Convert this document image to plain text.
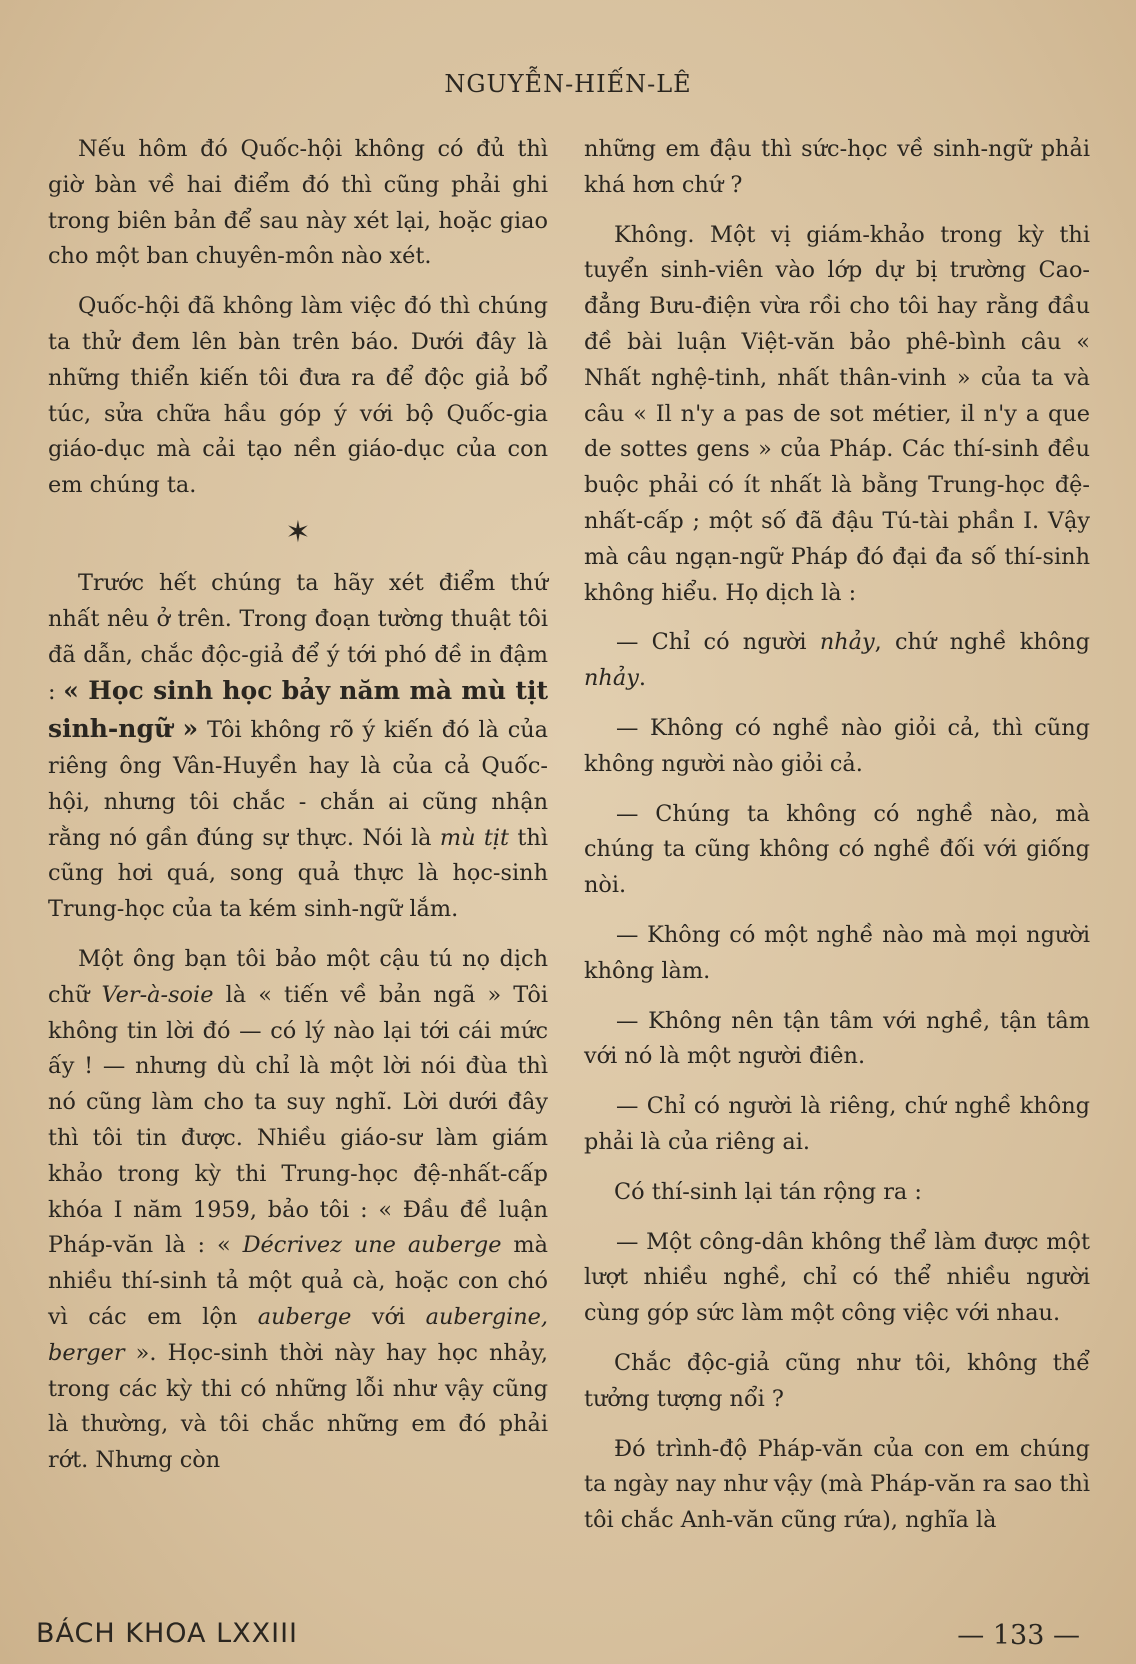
NGUYỄN-HIẾN-LÊ

Nếu hôm đó Quốc-hội không có đủ thì giờ bàn về hai điểm đó thì cũng phải ghi trong biên bản để sau này xét lại, hoặc giao cho một ban chuyên-môn nào xét.

Quốc-hội đã không làm việc đó thì chúng ta thử đem lên bàn trên báo. Dưới đây là những thiển kiến tôi đưa ra để độc giả bổ túc, sửa chữa hầu góp ý với bộ Quốc-gia giáo-dục mà cải tạo nền giáo-dục của con em chúng ta.

✶

Trước hết chúng ta hãy xét điểm thứ nhất nêu ở trên. Trong đoạn tường thuật tôi đã dẫn, chắc độc-giả để ý tới phó đề in đậm : « Học sinh học bảy năm mà mù tịt sinh-ngữ » Tôi không rõ ý kiến đó là của riêng ông Vân-Huyền hay là của cả Quốc-hội, nhưng tôi chắc - chắn ai cũng nhận rằng nó gần đúng sự thực. Nói là mù tịt thì cũng hơi quá, song quả thực là học-sinh Trung-học của ta kém sinh-ngữ lắm.

Một ông bạn tôi bảo một cậu tú nọ dịch chữ Ver-à-soie là « tiến về bản ngã » Tôi không tin lời đó — có lý nào lại tới cái mức ấy ! — nhưng dù chỉ là một lời nói đùa thì nó cũng làm cho ta suy nghĩ. Lời dưới đây thì tôi tin được. Nhiều giáo-sư làm giám khảo trong kỳ thi Trung-học đệ-nhất-cấp khóa I năm 1959, bảo tôi : « Đầu đề luận Pháp-văn là : « Décrivez une auberge mà nhiều thí-sinh tả một quả cà, hoặc con chó vì các em lộn auberge với aubergine, berger ». Học-sinh thời này hay học nhảy, trong các kỳ thi có những lỗi như vậy cũng là thường, và tôi chắc những em đó phải rớt. Nhưng còn

những em đậu thì sức-học về sinh-ngữ phải khá hơn chứ ?

Không. Một vị giám-khảo trong kỳ thi tuyển sinh-viên vào lớp dự bị trường Cao-đẳng Bưu-điện vừa rồi cho tôi hay rằng đầu đề bài luận Việt-văn bảo phê-bình câu « Nhất nghệ-tinh, nhất thân-vinh » của ta và câu « Il n'y a pas de sot métier, il n'y a que de sottes gens » của Pháp. Các thí-sinh đều buộc phải có ít nhất là bằng Trung-học đệ-nhất-cấp ; một số đã đậu Tú-tài phần I. Vậy mà câu ngạn-ngữ Pháp đó đại đa số thí-sinh không hiểu. Họ dịch là :

— Chỉ có người nhảy, chứ nghề không nhảy.

— Không có nghề nào giỏi cả, thì cũng không người nào giỏi cả.

— Chúng ta không có nghề nào, mà chúng ta cũng không có nghề đối với giống nòi.

— Không có một nghề nào mà mọi người không làm.

— Không nên tận tâm với nghề, tận tâm với nó là một người điên.

— Chỉ có người là riêng, chứ nghề không phải là của riêng ai.

Có thí-sinh lại tán rộng ra :

— Một công-dân không thể làm được một lượt nhiều nghề, chỉ có thể nhiều người cùng góp sức làm một công việc với nhau.

Chắc độc-giả cũng như tôi, không thể tưởng tượng nổi ?

Đó trình-độ Pháp-văn của con em chúng ta ngày nay như vậy (mà Pháp-văn ra sao thì tôi chắc Anh-văn cũng rứa), nghĩa là

BÁCH KHOA LXXIII	— 133 —
